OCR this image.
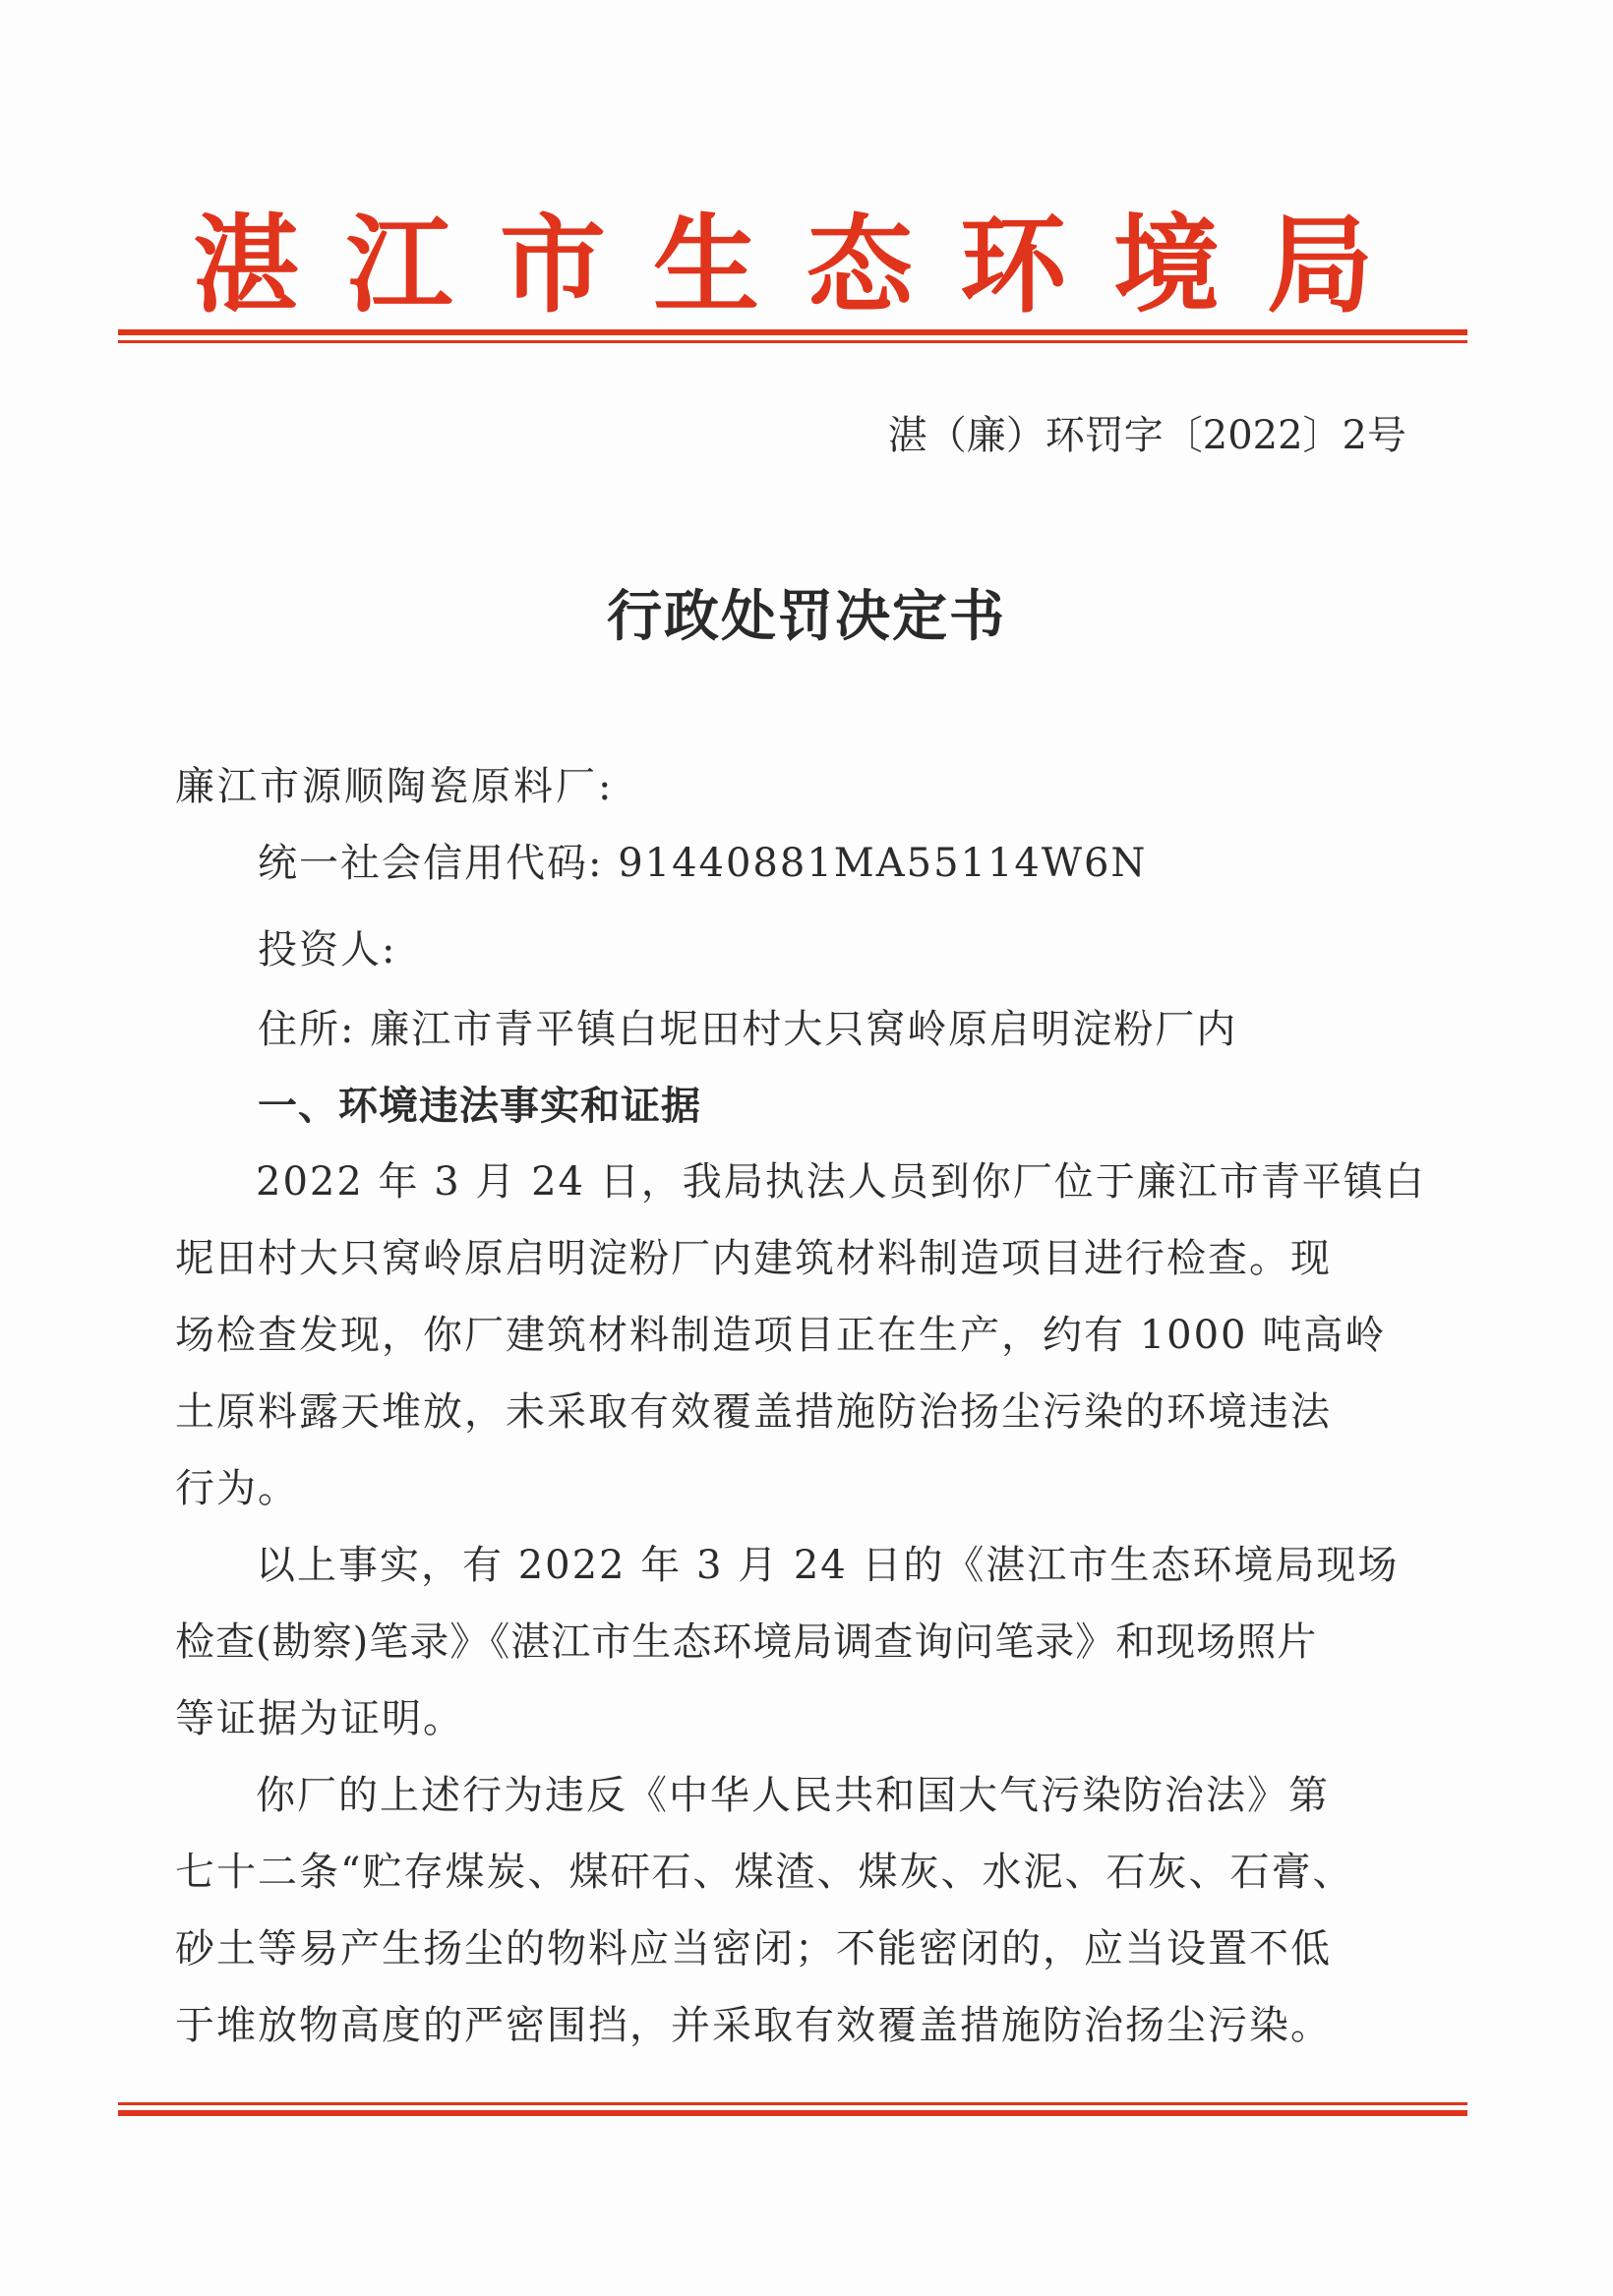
湛江市生态环境局
湛（廉）环罚字〔2022〕2号
行政处罚决定书
廉江市源顺陶瓷原料厂:
统一社会信用代码: 91440881MA55114W6N
投资人:
住所: 廉江市青平镇白坭田村大只窝岭原启明淀粉厂内
一、环境违法事实和证据
2022 年 3 月 24 日，我局执法人员到你厂位于廉江市青平镇白
坭田村大只窝岭原启明淀粉厂内建筑材料制造项目进行检查。现
场检查发现，你厂建筑材料制造项目正在生产，约有 1000 吨高岭
土原料露天堆放，未采取有效覆盖措施防治扬尘污染的环境违法
行为。
以上事实，有 2022 年 3 月 24 日的《湛江市生态环境局现场
检查(勘察)笔录》《湛江市生态环境局调查询问笔录》和现场照片
等证据为证明。
你厂的上述行为违反《中华人民共和国大气污染防治法》第
七十二条“贮存煤炭、煤矸石、煤渣、煤灰、水泥、石灰、石膏、
砂土等易产生扬尘的物料应当密闭；不能密闭的，应当设置不低
于堆放物高度的严密围挡，并采取有效覆盖措施防治扬尘污染。
